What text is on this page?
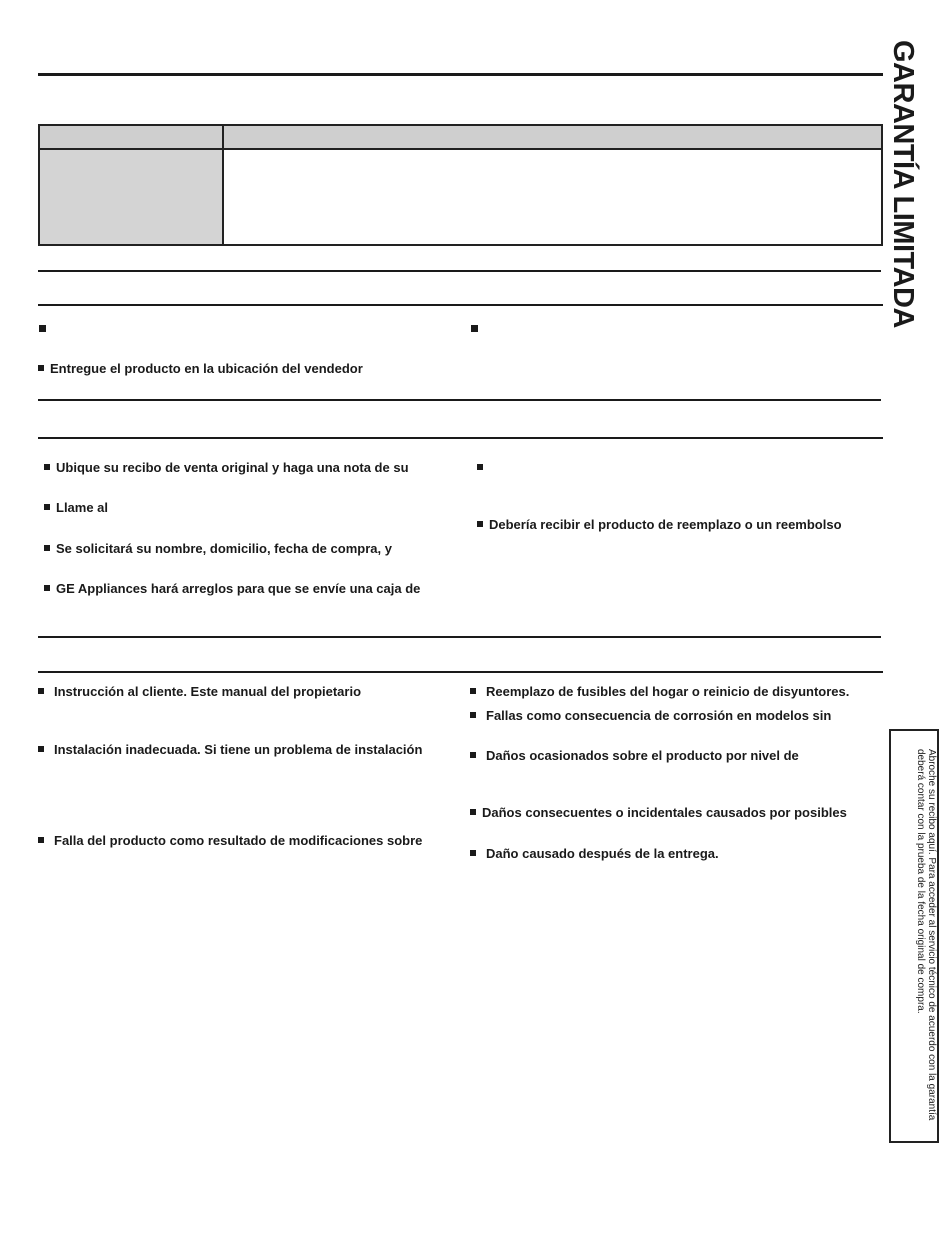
Entregue el producto en la ubicación del vendedor
Ubique su recibo de venta original y haga una nota de su
Llame al
Se solicitará su nombre, domicilio, fecha de compra, y
GE Appliances hará arreglos para que se envíe una caja de
Debería recibir el producto de reemplazo o un reembolso
Instrucción al cliente. Este manual del propietario
Instalación inadecuada. Si tiene un problema de instalación
Falla del producto como resultado de modificaciones sobre
Reemplazo de fusibles del hogar o reinicio de disyuntores.
Fallas como consecuencia de corrosión en modelos sin
Daños ocasionados sobre el producto por nivel de
Daños consecuentes o incidentales causados por posibles
Daño causado después de la entrega.
GARANTÍA LIMITADA
Abroche su recibo aquí. Para acceder al servicio técnico de acuerdo con la garantía deberá contar con la prueba de la fecha original de compra.
